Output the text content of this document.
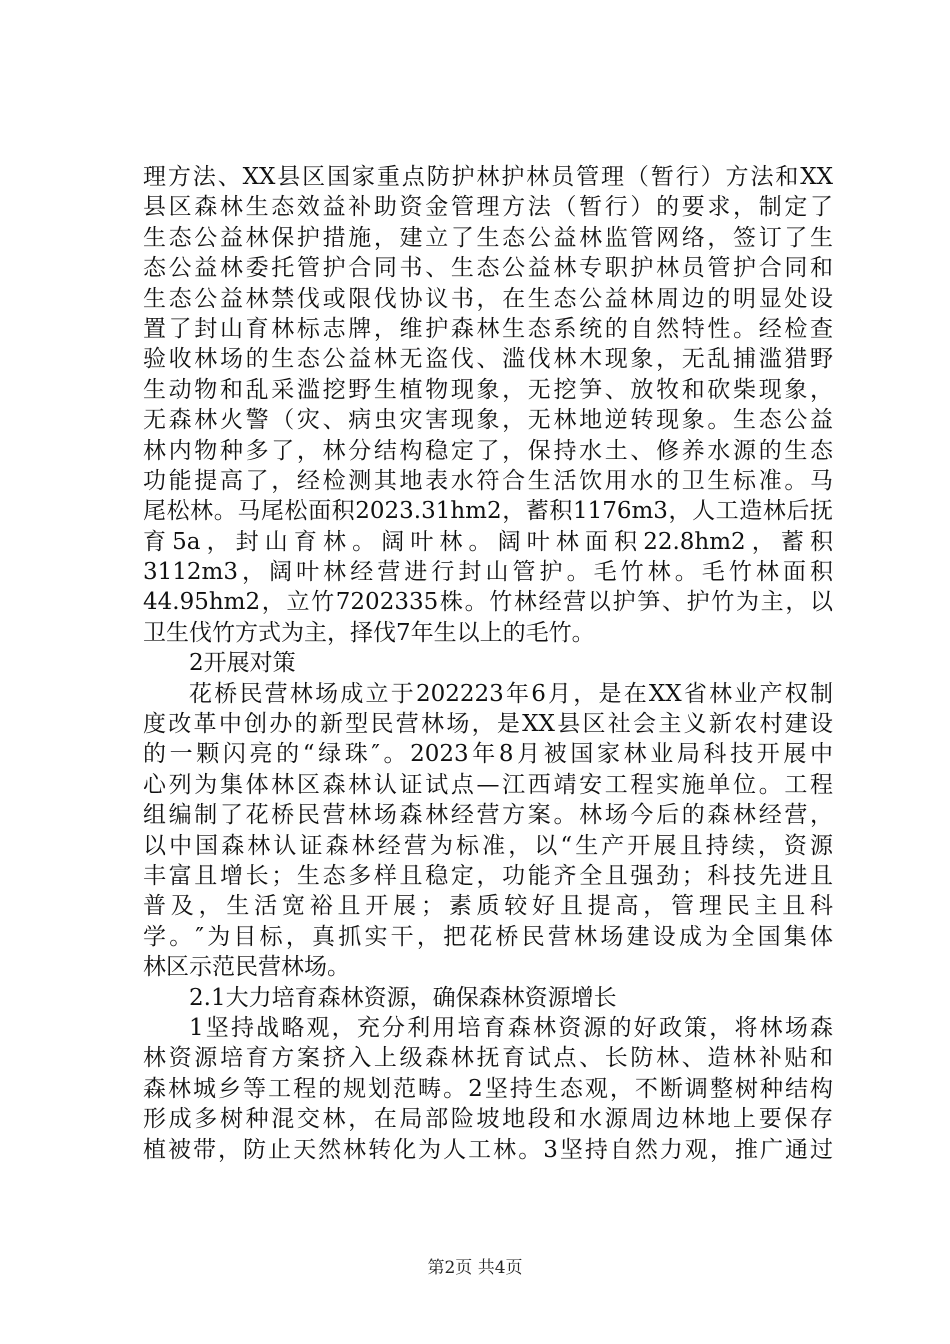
理方法、XX县区国家重点防护林护林员管理（暂行）方法和XX
县区森林生态效益补助资金管理方法（暂行）的要求，制定了
生态公益林保护措施，建立了生态公益林监管网络，签订了生
态公益林委托管护合同书、生态公益林专职护林员管护合同和
生态公益林禁伐或限伐协议书，在生态公益林周边的明显处设
置了封山育林标志牌，维护森林生态系统的自然特性。经检查
验收林场的生态公益林无盗伐、滥伐林木现象，无乱捕滥猎野
生动物和乱采滥挖野生植物现象，无挖笋、放牧和砍柴现象，
无森林火警（灾、病虫灾害现象，无林地逆转现象。生态公益
林内物种多了，林分结构稳定了，保持水土、修养水源的生态
功能提高了，经检测其地表水符合生活饮用水的卫生标准。马
尾松林。马尾松面积2023.31hm2，蓄积1176m3，人工造林后抚
育5a，封山育林。阔叶林。阔叶林面积22.8hm2，蓄积
3112m3，阔叶林经营进行封山管护。毛竹林。毛竹林面积
44.95hm2，立竹7202335株。竹林经营以护笋、护竹为主，以
卫生伐竹方式为主，择伐7年生以上的毛竹。
2开展对策
花桥民营林场成立于202223年6月，是在XX省林业产权制
度改革中创办的新型民营林场，是XX县区社会主义新农村建设
的一颗闪亮的“绿珠″。2023年8月被国家林业局科技开展中
心列为集体林区森林认证试点—江西靖安工程实施单位。工程
组编制了花桥民营林场森林经营方案。林场今后的森林经营，
以中国森林认证森林经营为标准，以“生产开展且持续，资源
丰富且增长；生态多样且稳定，功能齐全且强劲；科技先进且
普及，生活宽裕且开展；素质较好且提高，管理民主且科
学。″为目标，真抓实干，把花桥民营林场建设成为全国集体
林区示范民营林场。
2.1大力培育森林资源，确保森林资源增长
1坚持战略观，充分利用培育森林资源的好政策，将林场森
林资源培育方案挤入上级森林抚育试点、长防林、造林补贴和
森林城乡等工程的规划范畴。2坚持生态观，不断调整树种结构
形成多树种混交林，在局部险坡地段和水源周边林地上要保存
植被带，防止天然林转化为人工林。3坚持自然力观，推广通过
第2页 共4页
